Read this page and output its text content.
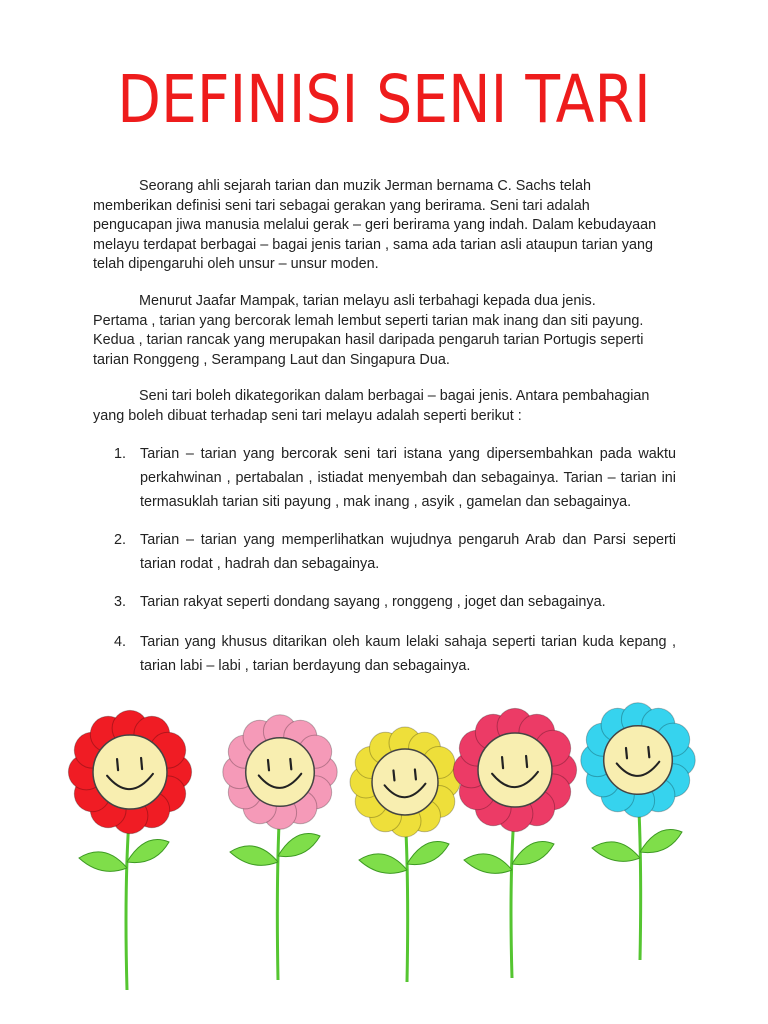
DEFINISI SENI TARI
Seorang ahli sejarah tarian dan muzik Jerman bernama C. Sachs telah
memberikan definisi seni tari sebagai gerakan yang berirama. Seni tari adalah
pengucapan jiwa manusia melalui gerak – geri berirama yang indah. Dalam kebudayaan
melayu terdapat berbagai – bagai jenis tarian , sama ada tarian asli ataupun tarian yang
telah dipengaruhi oleh unsur – unsur moden.
Menurut Jaafar Mampak, tarian melayu asli terbahagi kepada dua jenis.
Pertama , tarian yang bercorak lemah lembut seperti tarian mak inang dan siti payung.
Kedua , tarian rancak yang merupakan hasil daripada pengaruh tarian Portugis seperti
tarian Ronggeng , Serampang Laut dan Singapura Dua.
Seni tari boleh dikategorikan dalam berbagai – bagai jenis. Antara pembahagian
yang boleh dibuat terhadap seni tari melayu adalah seperti berikut :
1. Tarian – tarian yang bercorak seni tari istana yang dipersembahkan pada waktu perkahwinan , pertabalan , istiadat menyembah dan sebagainya. Tarian – tarian ini termasuklah tarian siti payung , mak inang , asyik , gamelan dan sebagainya.
2. Tarian – tarian yang memperlihatkan wujudnya pengaruh Arab dan Parsi seperti tarian rodat , hadrah dan sebagainya.
3. Tarian rakyat seperti dondang sayang , ronggeng , joget dan sebagainya.
4. Tarian yang khusus ditarikan oleh kaum lelaki sahaja seperti tarian kuda kepang , tarian labi – labi , tarian berdayung dan sebagainya.
